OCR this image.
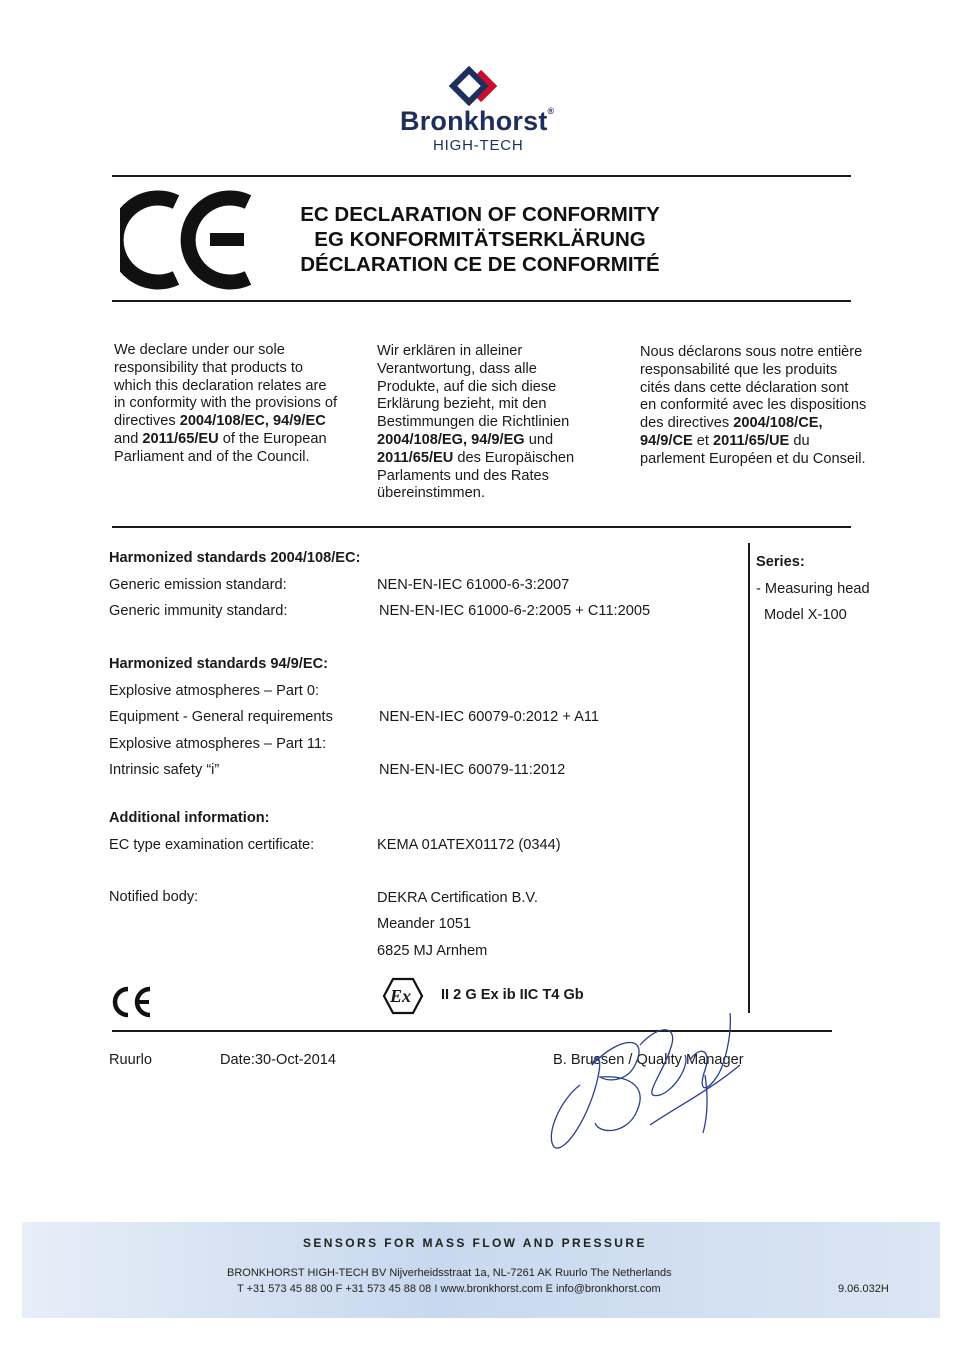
Bronkhorst®
HIGH-TECH
EC DECLARATION OF CONFORMITY
EG KONFORMITÄTSERKLÄRUNG
DÉCLARATION CE DE CONFORMITÉ
We declare under our sole responsibility that products to which this declaration relates are in conformity with the provisions of directives 2004/108/EC, 94/9/EC and 2011/65/EU of the European Parliament and of the Council.
Wir erklären in alleiner Verantwortung, dass alle Produkte, auf die sich diese Erklärung bezieht, mit den Bestimmungen die Richtlinien 2004/108/EG, 94/9/EG und 2011/65/EU des Europäischen Parlaments und des Rates übereinstimmen.
Nous déclarons sous notre entière responsabilité que les produits cités dans cette déclaration sont en conformité avec les dispositions des directives 2004/108/CE, 94/9/CE et 2011/65/UE du parlement Européen et du Conseil.
Harmonized standards 2004/108/EC:
Generic emission standard:	NEN-EN-IEC 61000-6-3:2007
Generic immunity standard:	NEN-EN-IEC 61000-6-2:2005 + C11:2005
Harmonized standards 94/9/EC:
Explosive atmospheres – Part 0:
Equipment - General requirements	NEN-EN-IEC 60079-0:2012 + A11
Explosive atmospheres – Part 11:
Intrinsic safety “i”	NEN-EN-IEC 60079-11:2012
Additional information:
EC type examination certificate:	KEMA 01ATEX01172 (0344)
Notified body:	DEKRA Certification B.V.
Meander 1051
6825 MJ Arnhem
Series:
- Measuring head
Model X-100
Ex II 2 G Ex ib IIC T4 Gb
Ruurlo	Date:30-Oct-2014	B. Brussen / Quality Manager
SENSORS FOR MASS FLOW AND PRESSURE
BRONKHORST HIGH-TECH BV Nijverheidsstraat 1a, NL-7261 AK Ruurlo The Netherlands
T +31 573 45 88 00 F +31 573 45 88 08 I www.bronkhorst.com E info@bronkhorst.com	9.06.032H
